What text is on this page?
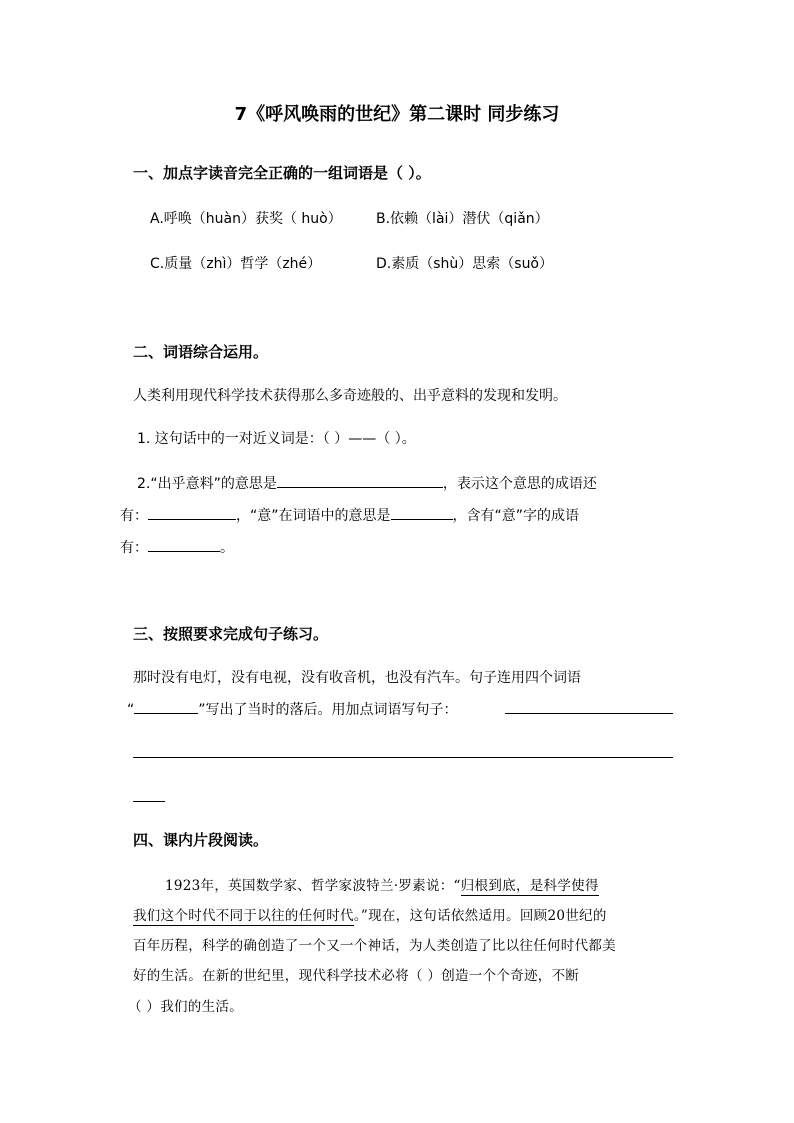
7《呼风唤雨的世纪》第二课时 同步练习
一、加点字读音完全正确的一组词语是（ ）。
A.呼唤（huàn）获奖（ huò） B.依赖（lài）潜伏（qiǎn）
C.质量（zhì）哲学（zhé）	D.素质（shù）思索（suǒ）
二、词语综合运用。
人类利用现代科学技术获得那么多奇迹般的、出乎意料的发现和发明。
1. 这句话中的一对近义词是：（ ）——（ ）。
2.“出乎意料”的意思是	，表示这个意思的成语还
有：	，“意”在词语中的意思是	，含有“意”字的成语
有：	。
三、按照要求完成句子练习。
那时没有电灯，没有电视，没有收音机，也没有汽车。句子连用四个词语
“	”写出了当时的落后。用加点词语写句子：
四、课内片段阅读。
1923年，英国数学家、哲学家波特兰·罗素说：“归根到底，是科学使得
我们这个时代不同于以往的任何时代。”现在，这句话依然适用。回顾20世纪的
百年历程，科学的确创造了一个又一个神话，为人类创造了比以往任何时代都美
好的生活。在新的世纪里，现代科学技术必将（ ）创造一个个奇迹，不断
（ ）我们的生活。
